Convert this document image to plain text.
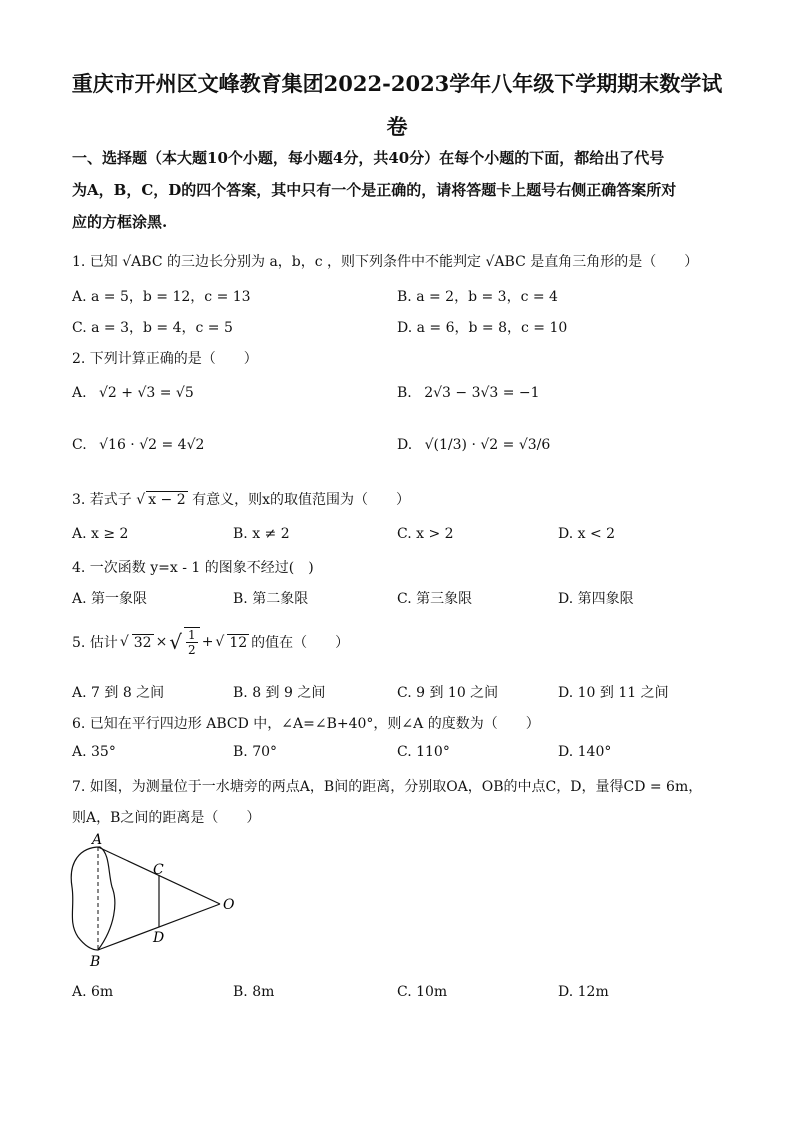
重庆市开州区文峰教育集团2022-2023学年八年级下学期期末数学试
卷
一、选择题（本大题10个小题，每小题4分，共40分）在每个小题的下面，都给出了代号
为A，B，C，D的四个答案，其中只有一个是正确的，请将答题卡上题号右侧正确答案所对
应的方框涂黑.
1. 已知 √ABC 的三边长分别为 a，b，c ，则下列条件中不能判定 √ABC 是直角三角形的是（　　）
A. a = 5，b = 12，c = 13	B. a = 2，b = 3，c = 4
C. a = 3，b = 4，c = 5	D. a = 6，b = 8，c = 10
2. 下列计算正确的是（　　）
A. √2 + √3 = √5	B. 2√3 − 3√3 = −1
C. √16 · √2 = 4√2	D. √(1/3) · √2 = √3/6
3. 若式子 √ x − 2 有意义，则x的取值范围为（　　）
A. x ≥ 2	B. x ≠ 2	C. x > 2	D. x < 2
4. 一次函数 y=x - 1 的图象不经过(　)
A. 第一象限	B. 第二象限	C. 第三象限	D. 第四象限
5. 估计 √ 32 × √ $\frac{1}{2}$ + √ 12 的值在（　　）
A. 7 到 8 之间	B. 8 到 9 之间	C. 9 到 10 之间	D. 10 到 11 之间
6. 已知在平行四边形 ABCD 中，∠A=∠B+40°，则∠A 的度数为（　　）
A. 35°	B. 70°	C. 110°	D. 140°
7. 如图，为测量位于一水塘旁的两点A，B间的距离，分别取OA，OB的中点C，D，量得CD = 6m，
则A，B之间的距离是（　　）
A
B
C
D
O
A. 6m	B. 8m	C. 10m	D. 12m
